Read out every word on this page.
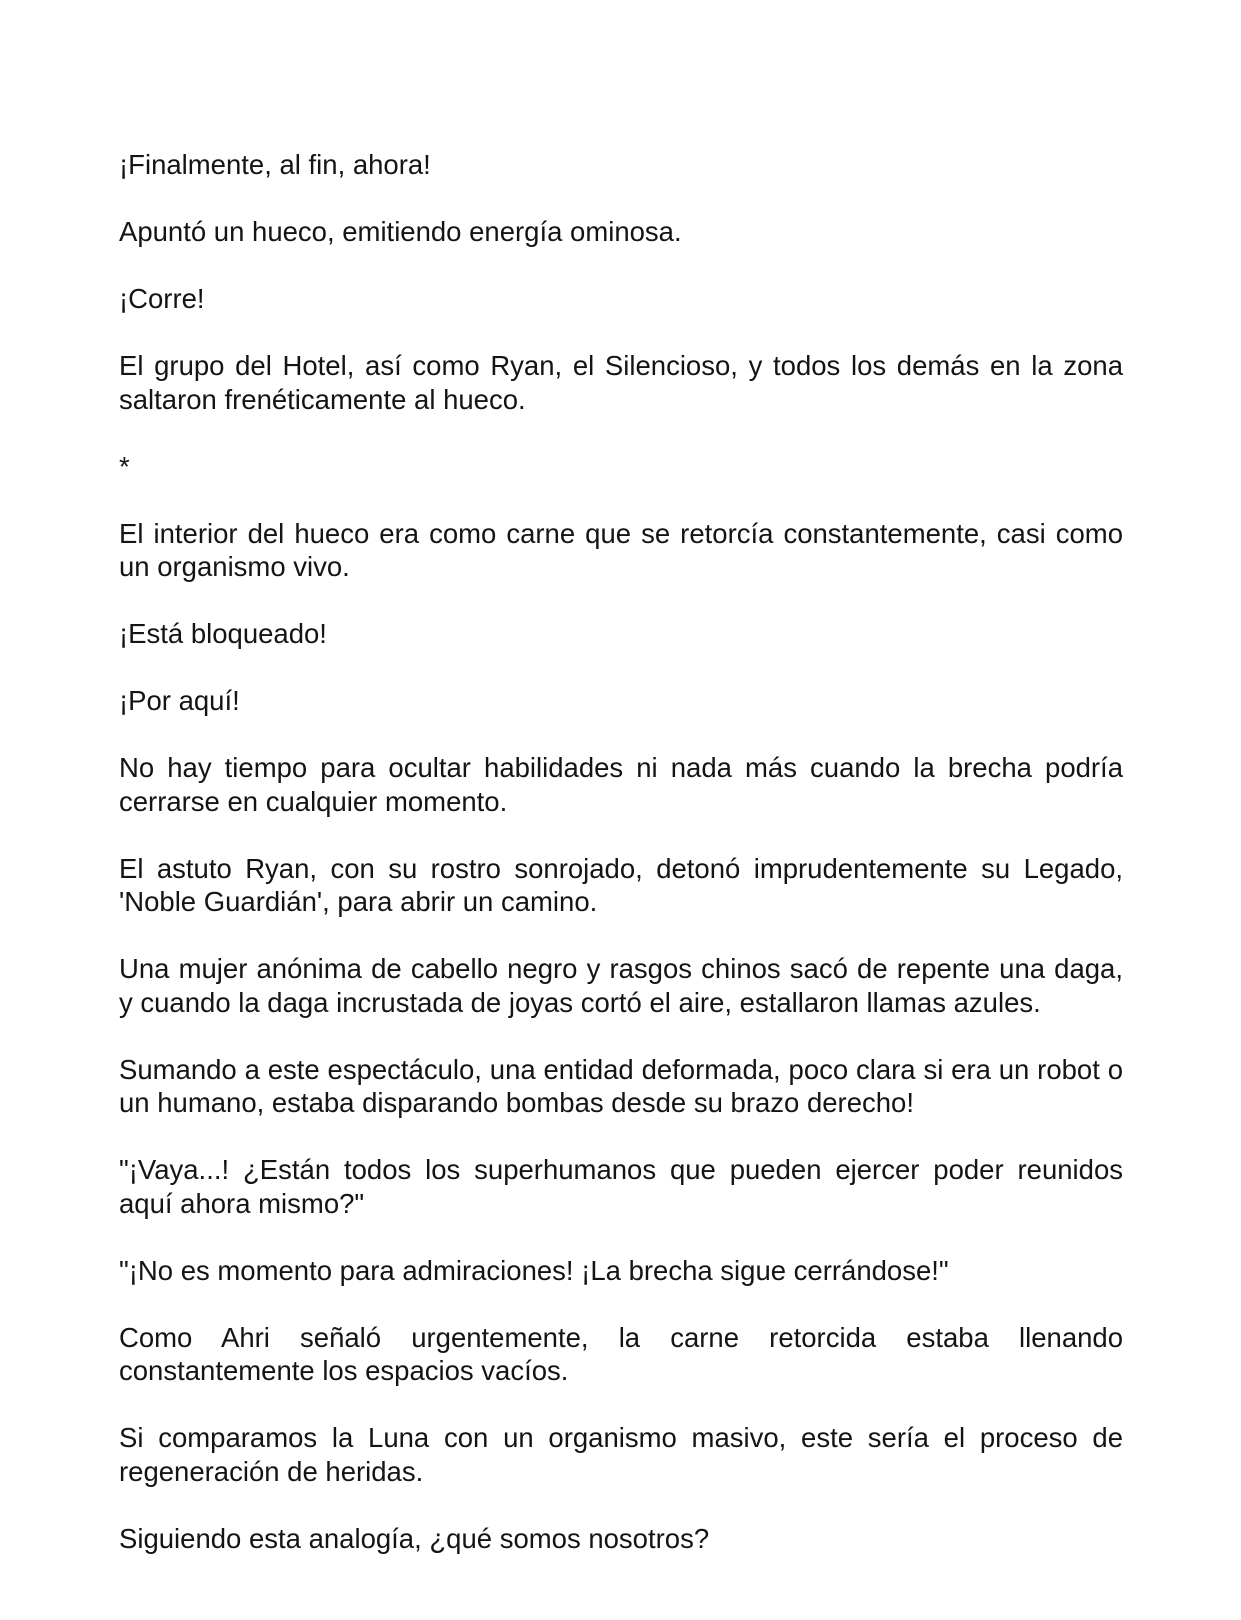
¡Finalmente, al fin, ahora!

Apuntó un hueco, emitiendo energía ominosa.

¡Corre!

El grupo del Hotel, así como Ryan, el Silencioso, y todos los demás en la zona saltaron frenéticamente al hueco.

*

El interior del hueco era como carne que se retorcía constantemente, casi como un organismo vivo.

¡Está bloqueado!

¡Por aquí!

No hay tiempo para ocultar habilidades ni nada más cuando la brecha podría cerrarse en cualquier momento.

El astuto Ryan, con su rostro sonrojado, detonó imprudentemente su Legado, 'Noble Guardián', para abrir un camino.

Una mujer anónima de cabello negro y rasgos chinos sacó de repente una daga, y cuando la daga incrustada de joyas cortó el aire, estallaron llamas azules.

Sumando a este espectáculo, una entidad deformada, poco clara si era un robot o un humano, estaba disparando bombas desde su brazo derecho!

"¡Vaya...! ¿Están todos los superhumanos que pueden ejercer poder reunidos aquí ahora mismo?"

"¡No es momento para admiraciones! ¡La brecha sigue cerrándose!"

Como Ahri señaló urgentemente, la carne retorcida estaba llenando constantemente los espacios vacíos.

Si comparamos la Luna con un organismo masivo, este sería el proceso de regeneración de heridas.

Siguiendo esta analogía, ¿qué somos nosotros?
